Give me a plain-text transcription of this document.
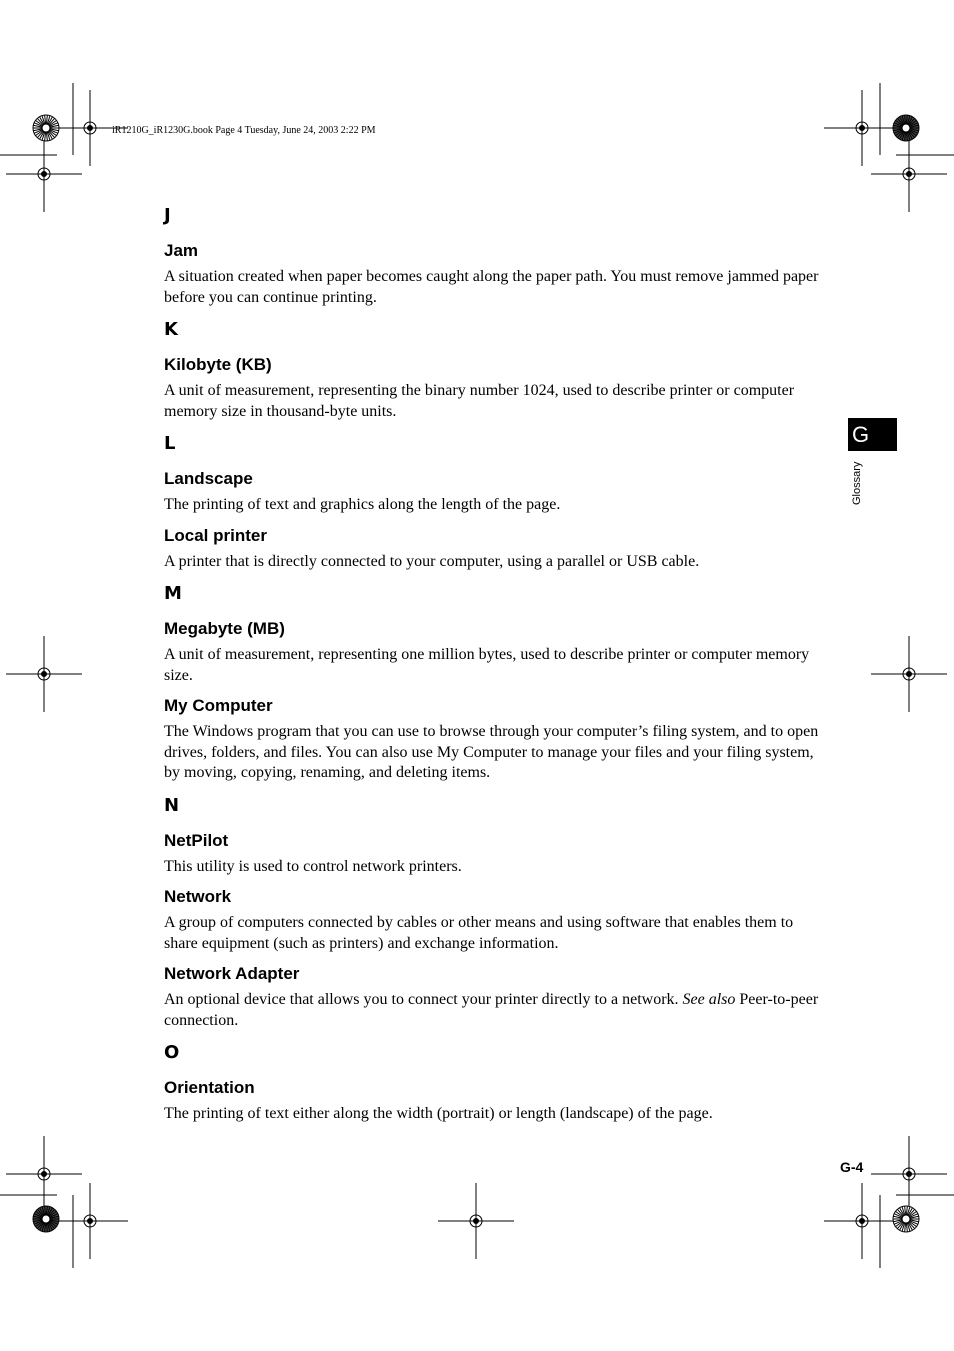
iR1210G_iR1230G.book Page 4 Tuesday, June 24, 2003 2:22 PM
J
Jam
A situation created when paper becomes caught along the paper path. You must remove jammed paper before you can continue printing.
K
Kilobyte (KB)
A unit of measurement, representing the binary number 1024, used to describe printer or computer memory size in thousand-byte units.
L
Landscape
The printing of text and graphics along the length of the page.
Local printer
A printer that is directly connected to your computer, using a parallel or USB cable.
M
Megabyte (MB)
A unit of measurement, representing one million bytes, used to describe printer or computer memory size.
My Computer
The Windows program that you can use to browse through your computer’s filing system, and to open drives, folders, and files. You can also use My Computer to manage your files and your filing system, by moving, copying, renaming, and deleting items.
N
NetPilot
This utility is used to control network printers.
Network
A group of computers connected by cables or other means and using software that enables them to share equipment (such as printers) and exchange information.
Network Adapter
An optional device that allows you to connect your printer directly to a network. See also Peer-to-peer connection.
O
Orientation
The printing of text either along the width (portrait) or length (landscape) of the page.
G
Glossary
G-4
